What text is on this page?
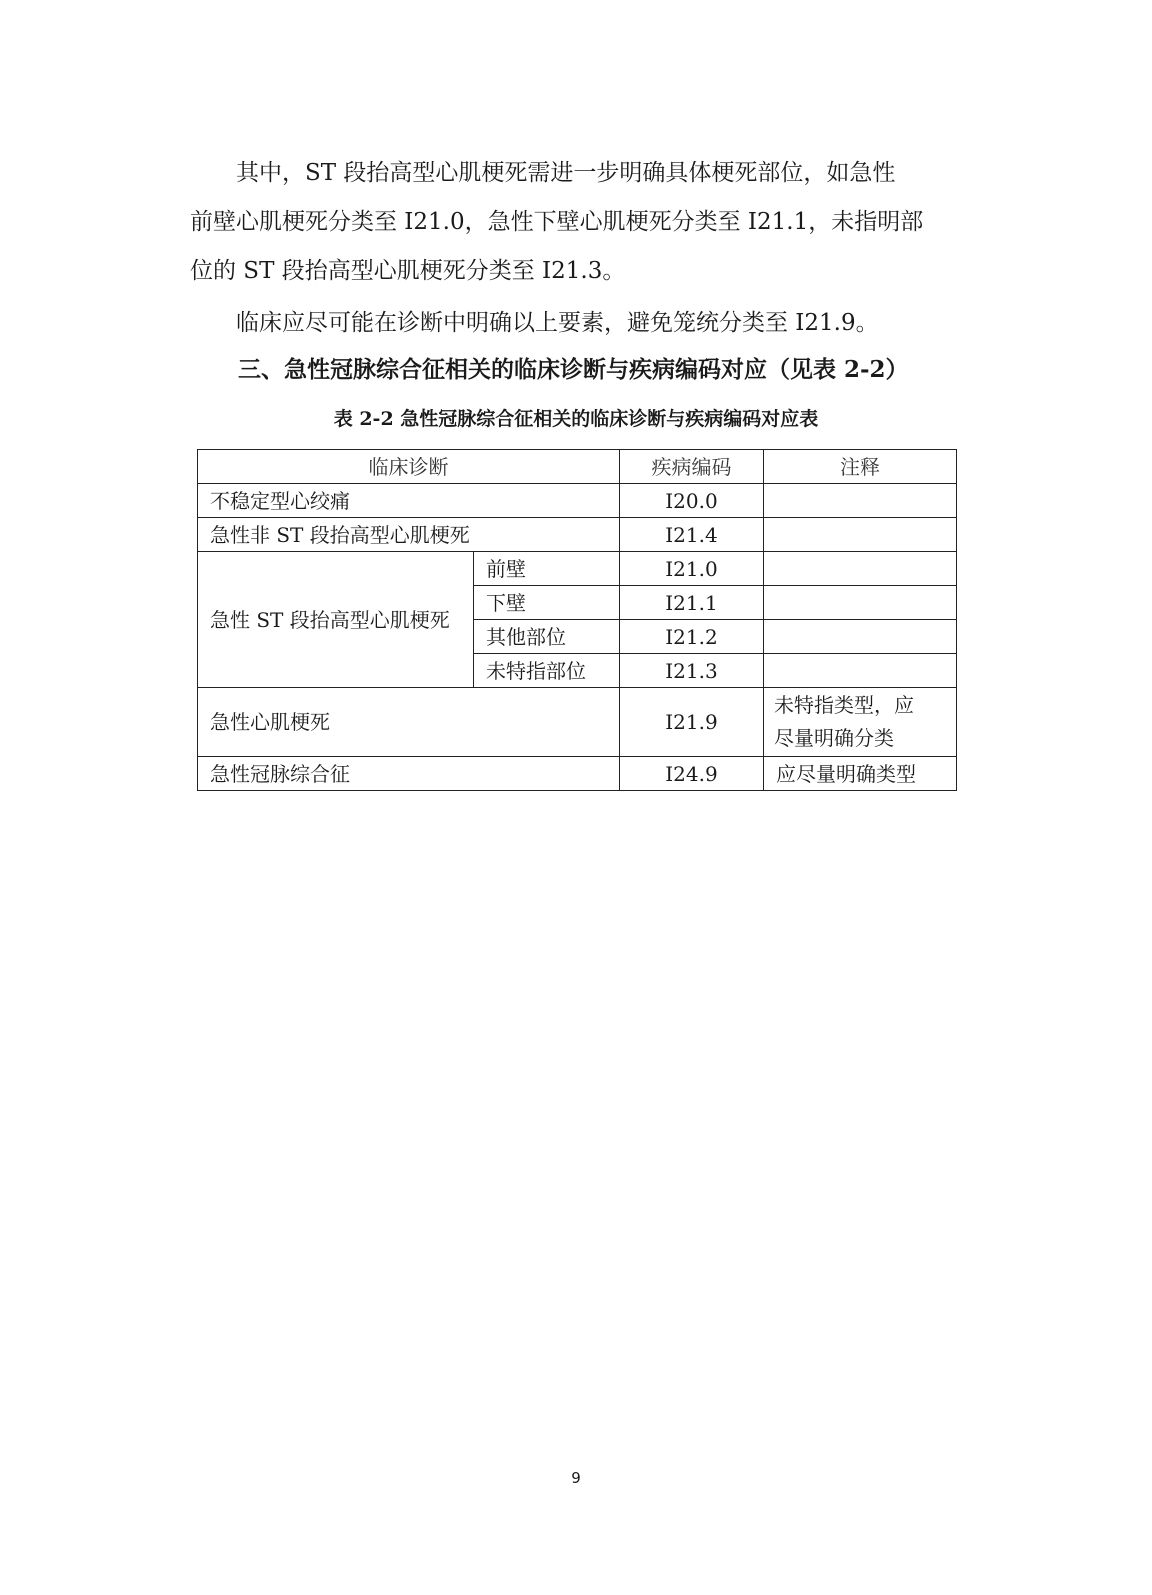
　　其中，ST 段抬高型心肌梗死需进一步明确具体梗死部位，如急性
前壁心肌梗死分类至 I21.0，急性下壁心肌梗死分类至 I21.1，未指明部
位的 ST 段抬高型心肌梗死分类至 I21.3。
　　临床应尽可能在诊断中明确以上要素，避免笼统分类至 I21.9。
三、急性冠脉综合征相关的临床诊断与疾病编码对应（见表 2-2）

表 2-2 急性冠脉综合征相关的临床诊断与疾病编码对应表

临床诊断		疾病编码	注释
不稳定型心绞痛		I20.0	
急性非 ST 段抬高型心肌梗死		I21.4	
急性 ST 段抬高型心肌梗死	前壁	I21.0	
	下壁	I21.1	
	其他部位	I21.2	
	未特指部位	I21.3	
急性心肌梗死		I21.9	未特指类型，应
尽量明确分类
急性冠脉综合征		I24.9	应尽量明确类型
9
